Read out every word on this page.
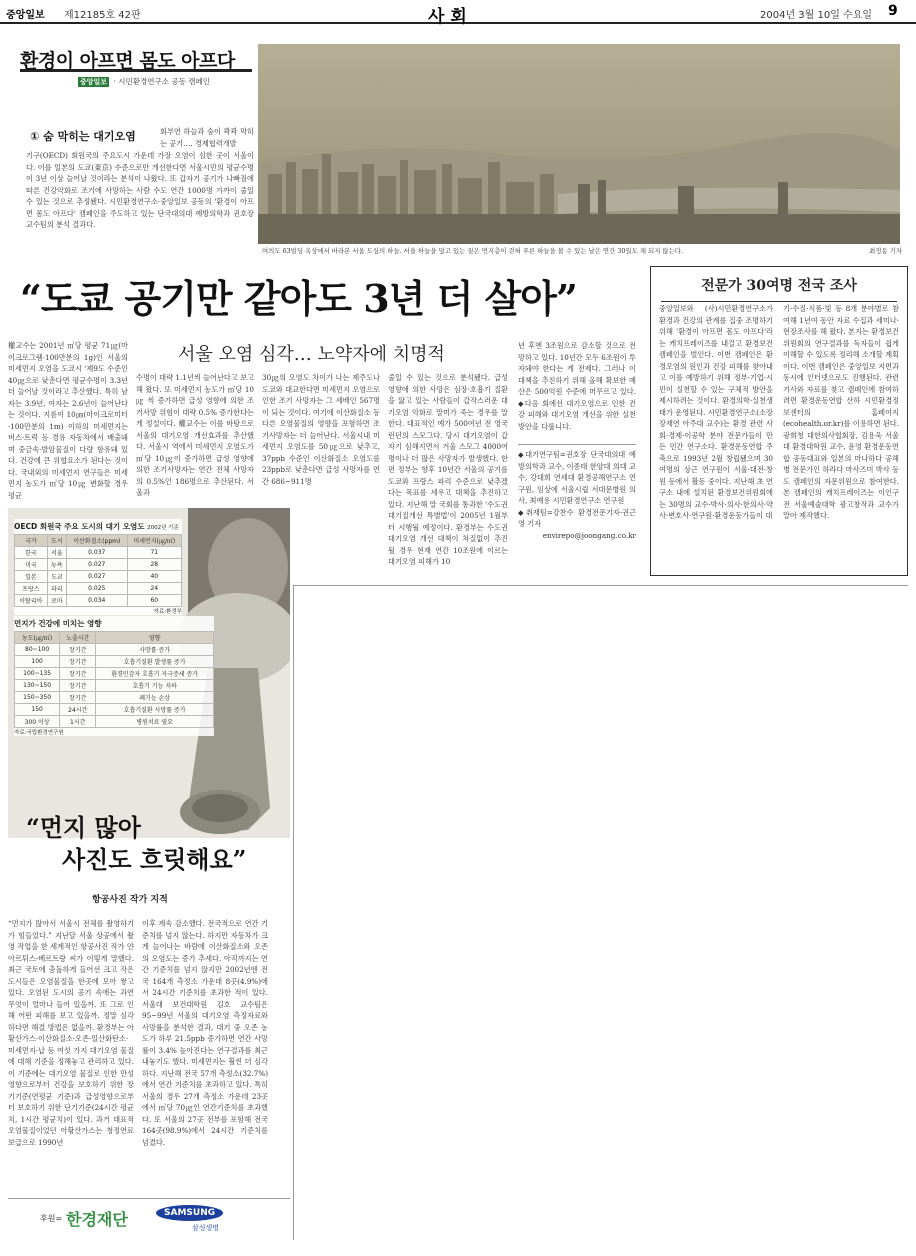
중앙일보 제12185호 42판	사 회	2004년 3월 10일 수요일 9
환경이 아프면 몸도 아프다
중앙일보 · 시민환경연구소 공동 캠페인
① 숨 막히는 대기오염	회부연 하늘과 숨이 콱콱 막히는 공기…. 경제협력개발
기구(OECD) 회원국의 주요도시 가운데 가장 오염이 심한 곳이 서울이다. 이를 일본의 도쿄(東京) 수준으로만 개선한다면 서울시민의 평균수명이 3년 이상 늘어날 것이라는 분석이 나왔다. 또 갑자기 공기가 나빠짐에 따른 건강악화로 조기에 사망하는 사람 수도 연간 1000명 가까이 줄일 수 있는 것으로 추정됐다. 시민환경연구소·중앙일보 공동의 '환경이 아프면 몸도 아프다' 캠페인을 주도하고 있는 단국대의대 예방의학과 권호장 교수팀의 분석 결과다.
여의도 63빌딩 옥상에서 바라본 서울 도심의 하늘. 서울 하늘을 덮고 있는 짙은 먼지층이 걷혀 푸른 하늘을 볼 수 있는 날은 연간 30일도 채 되지 않는다.	최정동 기자
“도쿄 공기만 같아도 3년 더 살아”
서울 오염 심각… 노약자에 치명적
權교수는 2001년 ㎥당 평균 71㎍(마이크로그램·100만분의 1g)인 서울의 미세먼지 오염을 도쿄시 '제9도 수준인 40㎍으로 낮춘다면 평균수명이 3.3년 더 늘어날 것이라고 추산했다. 특히 남자는 3.9년, 여자는 2.6년이 늘어난다는 것이다. 지름이 10㎛(마이크로미터·100만분의 1m) 이하의 미세먼지는 버스·트럭 등 경유 자동차에서 배출돼며 중금속·발암물질이 다량 함유돼 있다. 건강에 큰 위협요소가 된다는 것이다. 국내외의 미세먼지 연구들은 미세먼지 농도가 ㎥당 10㎍ 변화할 경우 평균
수명이 대략 1.1년씩 늘어난다고 보고해 왔다. 또 미세먼지 농도가 ㎥당 10㎍ 씩 증가하면 급성 영향에 의한 조기사망 위험이 대략 0.5% 증가한다는 게 정설이다. 權교수는 이를 바탕으로 서울의 대기오염 개선효과를 추산했다. 서울시 역에서 미세먼지 오염도가 ㎥당 10㎍이 증가하면 급성 영향에 의한 조기사망자는 연간 전체 사망자의 0.5%인 186명으로 추산된다. 서울과
30㎍의 오염도 차이가 나는 제주도나 도쿄와 대교한다면 미세먼지 오염으로 인한 조기 사망자는 그 세배인 567명이 되는 것이다. 여기에 이산화질소 등 다른 오염물질의 영향을 포함하면 조기사망자는 더 늘어난다. 서울시내 미세먼지 오염도를 50㎍으로 낮추고, 37ppb 수준인 이산화질소 오염도를 23ppb로 낮춘다면 급성 사망자를 연간 686~911명
줄일 수 있는 것으로 분석됐다. 급성 영향에 의한 사망은 심장·호흡기 질환을 앓고 있는 사람들이 갑작스러운 대기오염 악화로 말미가 죽는 경우를 말한다. 대표적인 예가 500여년 전 영국 런던의 스모그다. 당시 대기오염이 갑자기 심해지면서 겨울 스모그 4000여명이나 더 많은 사망자가 발생했다. 한편 정부는 향후 10년간 서울의 공기를 도쿄와 프랑스 파리 수준으로 낮추겠다는 목표를 세우고 대책을 추진하고 있다. 지난해 말 국회를 통과한 '수도권 대기질개선 특별법'이 2005년 1월부터 시행될 예정이다. 환경부는 수도권 대기오염 개선 대책이 차질없이 추진될 경우 현재 연간 10조원에 이르는 대기오염 피해가 10
년 후엔 3조원으로 감소할 것으로 전망하고 있다. 10년간 모두 6조원이 투자돼야 한다는 게 전제다. 그러나 이 대책을 추진하기 위해 올해 확보한 예산은 500억원 수준에 머무르고 있다. ◆다음 회에선 대기오염으로 인한 건강 피해와 대기오염 개선을 위한 실천방안을 다룹니다.
◆대기연구팀=권호장 단국대의대 예방의학과 교수, 이종태 한양대 의대 교수, 강대희 연세대 환경공해연구소 연구원, 임상에 서울시립 서대문병원 의사, 최예용 시민환경연구소 연구원
◆취재팀=강찬수 환경전문기자·권근영 기자
envirepo@joongang.co.kr
전문가 30여명 전국 조사
중앙일보와 (사)시민환경연구소가 환경과 건강의 관계를 집중 조명하기 위해 '환경이 아프면 몸도 아프다'라는 캐치프레이즈를 내걸고 환경보건 캠페인을 벌인다. 이번 캠페인은 환경오염의 원인과 건강 피해를 찾아내고 이를 예방하기 위해 정부·기업·시민이 실천할 수 있는 구체적 방안을 제시하려는 것이다. 환경의학·실천생태가 운영된다. 시민환경연구소(소장 장재연 아주대 교수)는 환경 관련 사회·경제·이공학 분야 전문가들이 만든 민간 연구소다. 환경운동연합 주축으로 1993년 2월 창립됐으며 30여명의 상근 연구원이 서울·대전·창원 등에서 활동 중이다. 지난해 초 연구소 내에 설치된 환경보건위원회에는 30명의 교수·박사·의사·한의사·약사·변호사·연구원·환경운동가들이 대
기·수질·식품·빛 등 8개 분야별로 참여해 1년여 동안 자료 수집과 세미나·현장조사를 해 왔다. 본지는 환경보건위원회의 연구결과를 독자들이 쉽게 이해할 수 있도록 정리해 소개할 계획이다. 이번 캠페인은 중앙일보 지면과 동시에 인터넷으로도 진행된다. 관련 기사와 자료를 찾고 캠페인에 참여하려면 환경운동연합 산하 시민환경정보센터의 홈페이지(ecohealth.or.kr)를 이용하면 된다. 광희청 대한의사협회장, 김용욱 서울대 환경대학원 교수, 윤영 환경운동연합 공동대표와 일본의 마나하다 공해병 전문가인 하라다 마사즈미 박사 등도 캠페인의 자문위원으로 참여한다. 본 캠페인의 캐치프레이즈는 이인구 전 서울예술대학 광고창작과 교수가 말아 제작했다.
OECD 회원국 주요 도시의 대기 오염도 2002년 기준
국가	도시	이산화질소(ppm)	미세먼지(㎍/㎥)
한국	서울	0.037	71
미국	뉴욕	0.027	28
일본	도쿄	0.027	40
프랑스	파리	0.025	24
이탈리아	로마	0.034	60
자료:환경부
먼지가 건강에 미치는 영향
농도(㎍/㎥)	노출시간	영향
80~100	장기간	사망률 증가
100	장기간	호흡기질환 발생률 증가
100~135	장기간	환경민감자 호흡기 자극증세 증가
130~150	장기간	호흡기 기능 저하
150~350	장기간	폐기능 손상
150	24시간	호흡기질환 사망률 증가
300 이상	1시간	병원치료 필요
자료:국립환경연구원
“먼지 많아
사진도 흐릿해요”
항공사진 작가 지적
“먼지가 많아서 서울시 전체를 촬영하기가 힘들었다.” 지난달 서울 상공에서 촬영 작업을 한 세계적인 항공사진 작가 얀 아르튀스-베르트랑 씨가 이렇게 말했다. 최근 국토에 충돌하게 들어선 크고 작은 도시들은 오염물질을 한곳에 모아 쌓고 있다. 오염된 도시의 공기 속에는 과연 무엇이 얼마나 들어 있을까. 또 그로 인해 어떤 피해를 보고 있을까. 정말 심각하다면 해결 방법은 없을까. 환경부는 아황산가스·이산화질소·오존·일산화탄소·미세먼지·납 등 여섯 가지 대기오염 물질에 대해 기준을 정해놓고 관리하고 있다. 이 기준에는 대기오염 물질로 인한 만성영향으로부터 건강을 보호하기 위한 장기기준(연평균 기준)과 급성영향으로부터 보호하기 위한 단기기준(24시간 평균치, 1시간 평균치)이 있다. 과거 대표적 오염물질이었던 아황산가스는 청정연료 보급으로 1990년
이후 계속 감소했다. 전국적으로 연간 기준치를 넘지 않는다. 하지만 자동차가 크게 늘어나는 바람에 이산화질소와 오존의 오염도는 증가 추세다. 아직까지는 연간 기준치를 넘지 않지만 2002년엔 전국 164개 측정소 가운데 8곳(4.9%)에서 24시간 기준치를 초과한 적이 있다. 서울대 보건대학원 김호 교수팀은 95~99년 서울의 대기오염 측정자료와 사망률을 분석한 결과, 대기 중 오존 농도가 하루 21.5ppb 증가하면 연간 사망률이 3.4% 높아진다는 연구결과를 최근 내놓기도 했다. 미세먼지는 훨씬 더 심각하다. 지난해 전국 57개 측정소(32.7%)에서 연간 기준치를 초과하고 있다. 특히 서울의 경우 27개 측정소 가운데 23곳에서 ㎥당 70㎍인 연간기준치를 초과했다. 또 서울의 27곳 전부를 포함해 전국 164곳(98.9%)에서 24시간 기준치를 넘겼다.
후원= 한경재단	SAMSUNG
삼성생명
